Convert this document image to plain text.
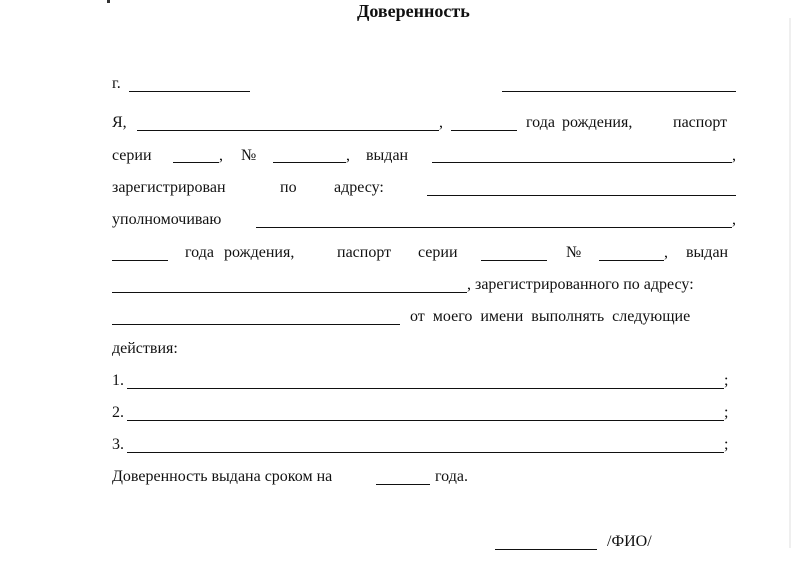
Доверенность
г.
Я,	,	года рождения,	паспорт
серии	, №	, выдан	,
зарегистрирован	по адресу:
уполномочиваю	,
года рождения,	паспорт серии	№	, выдан
, зарегистрированного по адресу:
от моего имени выполнять следующие
действия:
1.	;
2.	;
3.	;
Доверенность выдана сроком на	года.
/ФИО/
